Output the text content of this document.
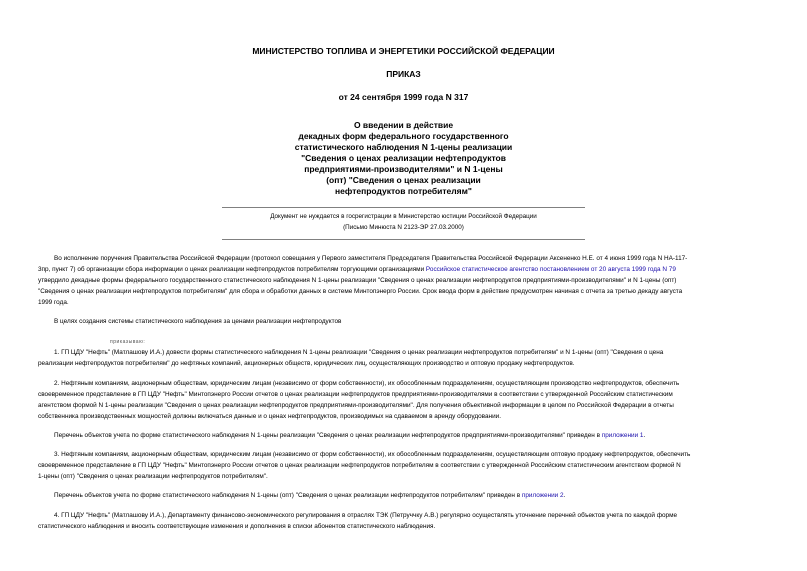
МИНИСТЕРСТВО ТОПЛИВА И ЭНЕРГЕТИКИ РОССИЙСКОЙ ФЕДЕРАЦИИ
ПРИКАЗ
от 24 сентября 1999 года N 317
О введении в действие
декадных форм федерального государственного
статистического наблюдения N 1-цены реализации
"Сведения о ценах реализации нефтепродуктов
предприятиями-производителями" и N 1-цены
(опт) "Сведения о ценах реализации
нефтепродуктов потребителям"
Документ не нуждается в госрегистрации в Министерство юстиции Российской Федерации
(Письмо Минюста N 2123-ЭР 27.03.2000)
Во исполнение поручения Правительства Российской Федерации (протокол совещания у Первого заместителя Председателя Правительства Российской Федерации Аксененко Н.Е. от 4 июня 1999 года N НА-117-
3пр, пункт 7) об организации сбора информации о ценах реализации нефтепродуктов потребителям торгующими организациями Российское статистическое агентство постановлением от 20 августа 1999 года N 79
утвердило декадные формы федерального государственного статистического наблюдения N 1-цены реализации "Сведения о ценах реализации нефтепродуктов предприятиями-производителями" и N 1-цены (опт)
"Сведения о ценах реализации нефтепродуктов потребителям" для сбора и обработки данных в системе Минтопэнерго России. Срок ввода форм в действие предусмотрен начиная с отчета за третью декаду августа
1999 года.
В целях создания системы статистического наблюдения за ценами реализации нефтепродуктов
приказываю:
1. ГП ЦДУ "Нефть" (Матлашову И.А.) довести формы статистического наблюдения N 1-цены реализации "Сведения о ценах реализации нефтепродуктов потребителям" и N 1-цены (опт) "Сведения о цена
реализации нефтепродуктов потребителям" до нефтяных компаний, акционерных обществ, юридических лиц, осуществляющих производство и оптовую продажу нефтепродуктов.
2. Нефтяным компаниям, акционерным обществам, юридическим лицам (независимо от форм собственности), их обособленным подразделениям, осуществляющим производство нефтепродуктов, обеспечить
своевременное представление в ГП ЦДУ "Нефть" Минтопэнерго России отчетов о ценах реализации нефтепродуктов предприятиями-производителями в соответствии с утвержденной Российским статистическим
агентством формой N 1-цены реализации "Сведения о ценах реализации нефтепродуктов предприятиями-производителями". Для получения объективной информации в целом по Российской Федерации в отчеты
собственника производственных мощностей должны включаться данные и о ценах нефтепродуктов, производимых на сдаваемом в аренду оборудовании.
Перечень объектов учета по форме статистического наблюдения N 1-цены реализации "Сведения о ценах реализации нефтепродуктов предприятиями-производителями" приведен в приложении 1.
3. Нефтяным компаниям, акционерным обществам, юридическим лицам (независимо от форм собственности), их обособленным подразделениям, осуществляющим оптовую продажу нефтепродуктов, обеспечить
своевременное представление в ГП ЦДУ "Нефть" Минтопэнерго России отчетов о ценах реализации нефтепродуктов потребителям в соответствии с утвержденной Российским статистическим агентством формой N
1-цены (опт) "Сведения о ценах реализации нефтепродуктов потребителям".
Перечень объектов учета по форме статистического наблюдения N 1-цены (опт) "Сведения о ценах реализации нефтепродуктов потребителям" приведен в приложении 2.
4. ГП ЦДУ "Нефть" (Матлашову И.А.), Департаменту финансово-экономического регулирования в отраслях ТЭК (Петруччку А.В.) регулярно осуществлять уточнение перечней объектов учета по каждой форме
статистического наблюдения и вносить соответствующие изменения и дополнения в списки абонентов статистического наблюдения.
